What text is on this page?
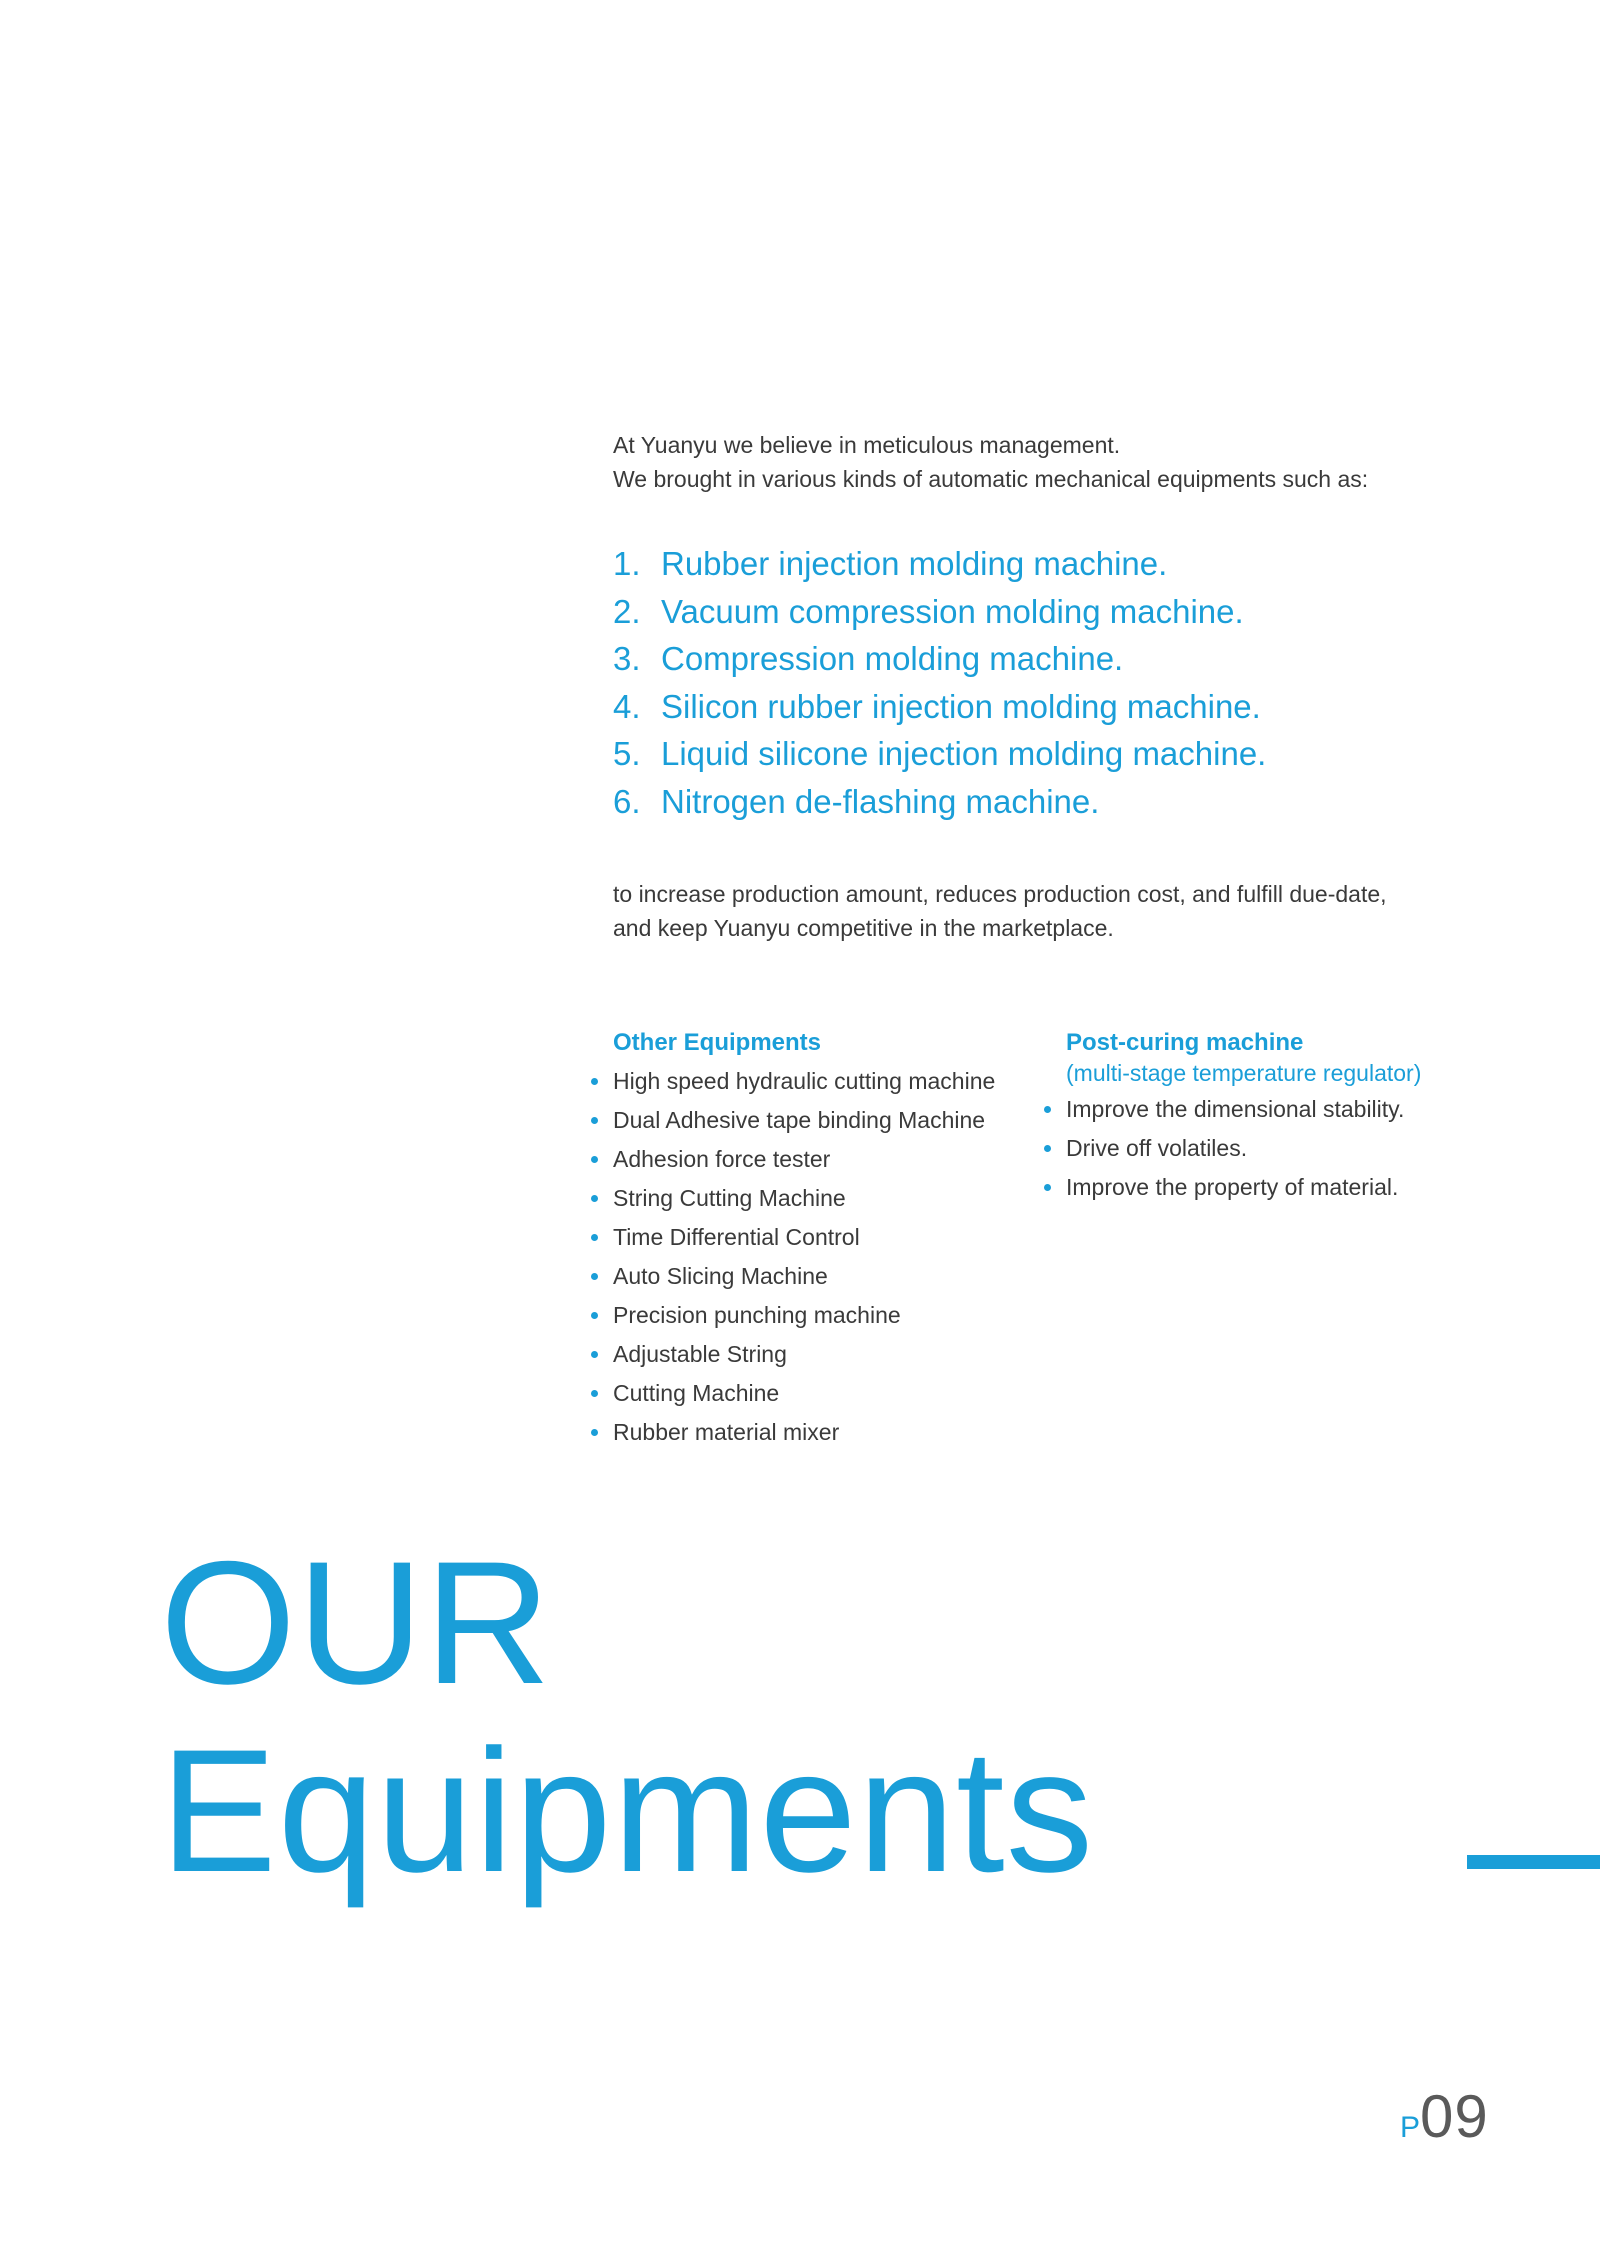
At Yuanyu we believe in meticulous management.
We brought in various kinds of automatic mechanical equipments such as:
1. Rubber injection molding machine.
2. Vacuum compression molding machine.
3. Compression molding machine.
4. Silicon rubber injection molding machine.
5. Liquid silicone injection molding machine.
6. Nitrogen de-flashing machine.
to increase production amount, reduces production cost, and fulfill due-date,
and keep Yuanyu competitive in the marketplace.
Other Equipments
High speed hydraulic cutting machine
Dual Adhesive tape binding Machine
Adhesion force tester
String Cutting Machine
Time Differential Control
Auto Slicing Machine
Precision punching machine
Adjustable String
Cutting Machine
Rubber material mixer
Post-curing machine
(multi-stage temperature regulator)
Improve the dimensional stability.
Drive off volatiles.
Improve the property of material.
OUR
Equipments
P09
